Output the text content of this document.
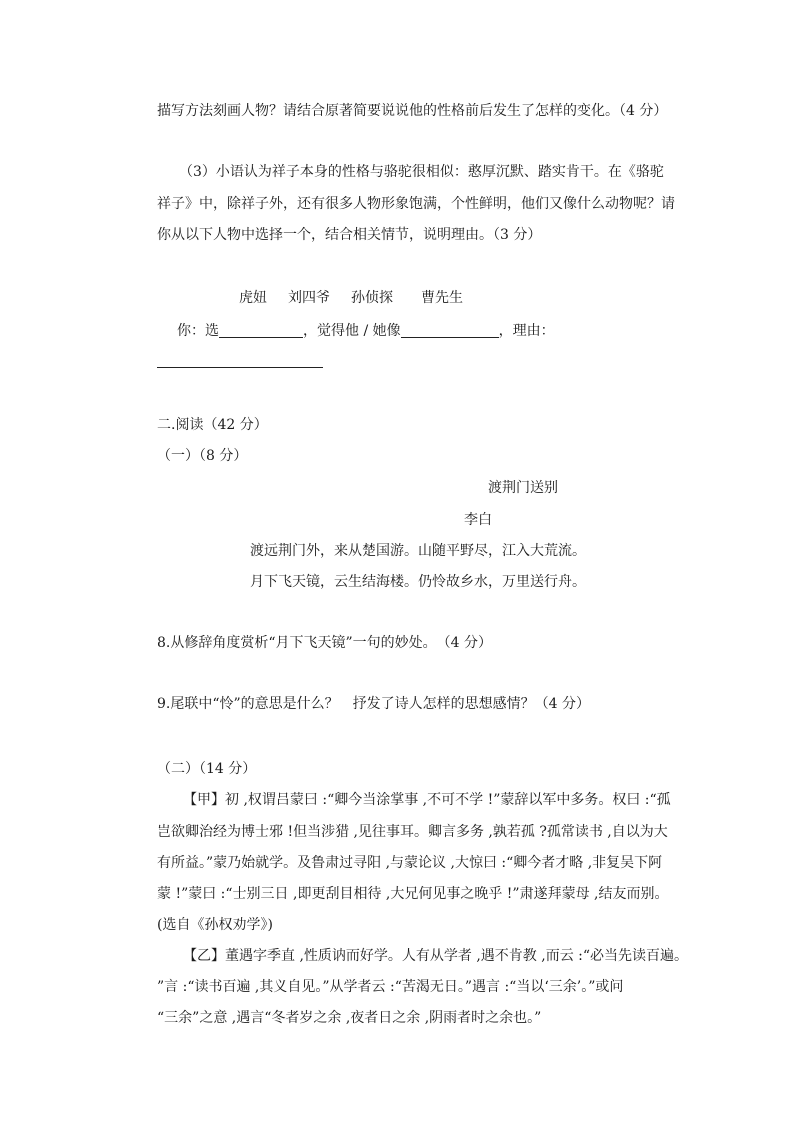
描写方法刻画人物？请结合原著简要说说他的性格前后发生了怎样的变化。（4 分）
（3）小语认为祥子本身的性格与骆驼很相似：憨厚沉默、踏实肯干。在《骆驼
祥子》中，除祥子外，还有很多人物形象饱满，个性鲜明，他们又像什么动物呢？请
你从以下人物中选择一个，结合相关情节，说明理由。（3 分）
虎妞 刘四爷 孙侦探 曹先生
你：选	，觉得他 / 她像	，理由：
二.阅读（42 分）
（一）（8 分）
渡荆门送别
李白
渡远荆门外，来从楚国游。山随平野尽，江入大荒流。
月下飞天镜，云生结海楼。仍怜故乡水，万里送行舟。
8.从修辞角度赏析“月下飞天镜”一句的妙处。　（4 分）
9.尾联中“怜”的意思是什么？　抒发了诗人怎样的思想感情？（4 分）
（二）（14 分）
【甲】初 ,权谓吕蒙曰 :“卿今当涂掌事 ,不可不学 !”蒙辞以军中多务。权曰 :“孤
岂欲卿治经为博士邪 !但当涉猎 ,见往事耳。卿言多务 ,孰若孤 ?孤常读书 ,自以为大
有所益。”蒙乃始就学。及鲁肃过寻阳 ,与蒙论议 ,大惊曰 :“卿今者才略 ,非复吴下阿
蒙 !”蒙曰 :“士别三日 ,即更刮目相待 ,大兄何见事之晚乎 !”肃遂拜蒙母 ,结友而别。
(选自《孙权劝学》)
【乙】董遇字季直 ,性质讷而好学。人有从学者 ,遇不肯教 ,而云 :“必当先读百遍。
”言 :“读书百遍 ,其义自见。”从学者云 :“苦渴无日。”遇言 :“当以‘三余’。”或问
“三余”之意 ,遇言“冬者岁之余 ,夜者日之余 ,阴雨者时之余也。”
